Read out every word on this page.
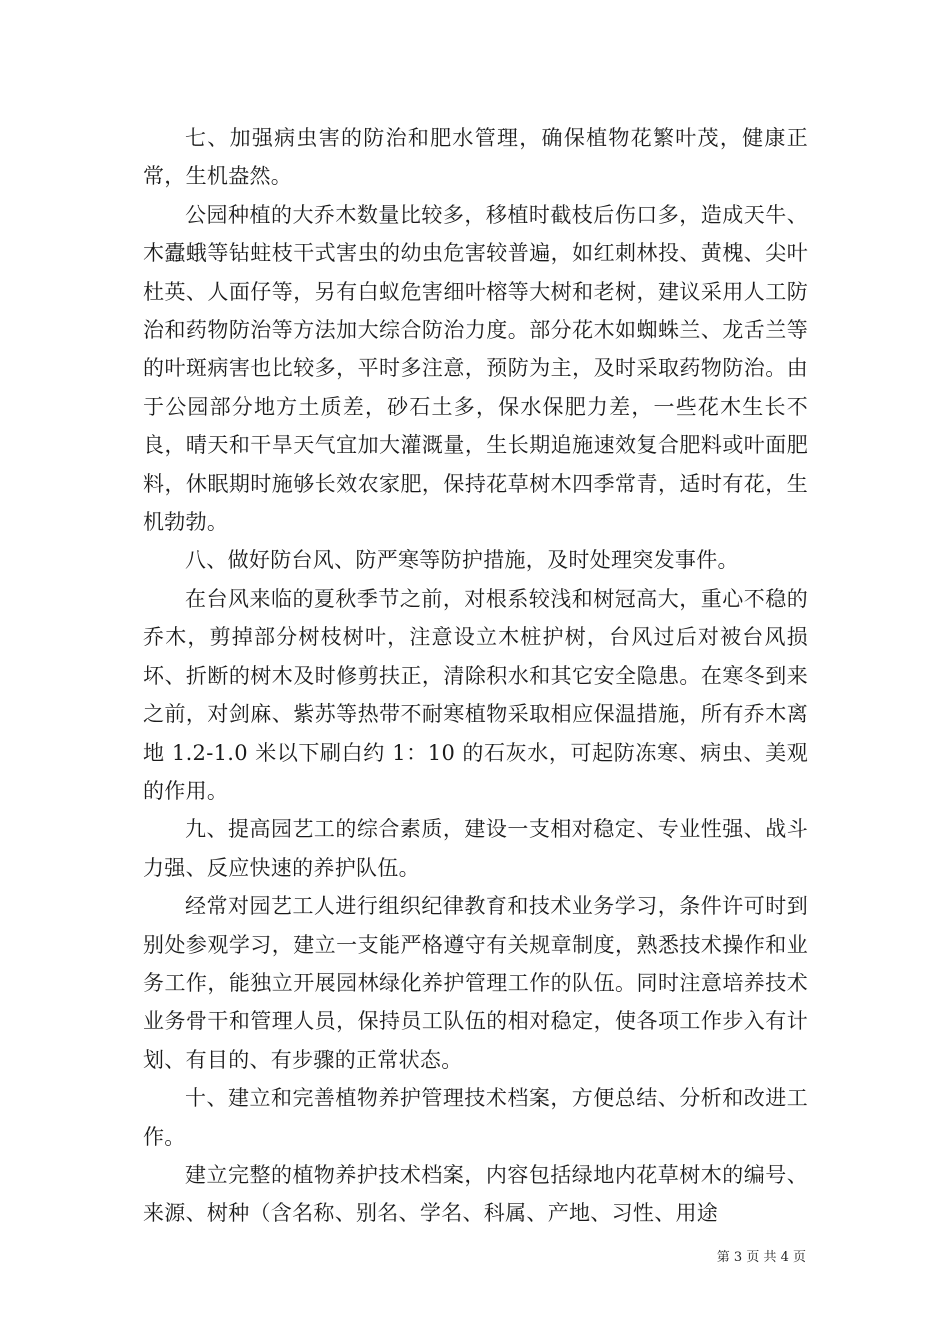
七、加强病虫害的防治和肥水管理，确保植物花繁叶茂，健康正常，生机盎然。

公园种植的大乔木数量比较多，移植时截枝后伤口多，造成天牛、木蠹蛾等钻蛀枝干式害虫的幼虫危害较普遍，如红刺林投、黄槐、尖叶杜英、人面仔等，另有白蚁危害细叶榕等大树和老树，建议采用人工防治和药物防治等方法加大综合防治力度。部分花木如蜘蛛兰、龙舌兰等的叶斑病害也比较多，平时多注意，预防为主，及时采取药物防治。由于公园部分地方土质差，砂石土多，保水保肥力差，一些花木生长不良，晴天和干旱天气宜加大灌溉量，生长期追施速效复合肥料或叶面肥料，休眠期时施够长效农家肥，保持花草树木四季常青，适时有花，生机勃勃。

八、做好防台风、防严寒等防护措施，及时处理突发事件。

在台风来临的夏秋季节之前，对根系较浅和树冠高大，重心不稳的乔木，剪掉部分树枝树叶，注意设立木桩护树，台风过后对被台风损坏、折断的树木及时修剪扶正，清除积水和其它安全隐患。在寒冬到来之前，对剑麻、紫苏等热带不耐寒植物采取相应保温措施，所有乔木离地 1.2-1.0 米以下刷白约 1：10 的石灰水，可起防冻寒、病虫、美观的作用。

九、提高园艺工的综合素质，建设一支相对稳定、专业性强、战斗力强、反应快速的养护队伍。

经常对园艺工人进行组织纪律教育和技术业务学习，条件许可时到别处参观学习，建立一支能严格遵守有关规章制度，熟悉技术操作和业务工作，能独立开展园林绿化养护管理工作的队伍。同时注意培养技术业务骨干和管理人员，保持员工队伍的相对稳定，使各项工作步入有计划、有目的、有步骤的正常状态。

十、建立和完善植物养护管理技术档案，方便总结、分析和改进工作。

建立完整的植物养护技术档案，内容包括绿地内花草树木的编号、来源、树种（含名称、别名、学名、科属、产地、习性、用途

第 3 页 共 4 页
